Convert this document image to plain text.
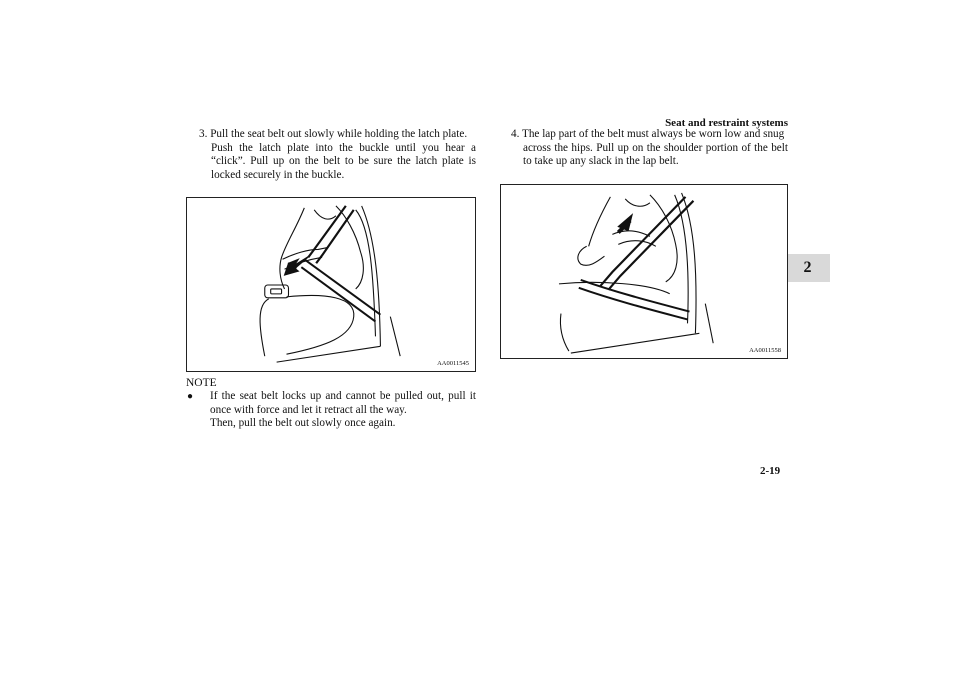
Seat and restraint systems
2
3. Pull the seat belt out slowly while holding the latch plate.
Push the latch plate into the buckle until you hear a “click”. Pull up on the belt to be sure the latch plate is locked securely in the buckle.
AA0011545
NOTE
● If the seat belt locks up and cannot be pulled out, pull it once with force and let it retract all the way.
Then, pull the belt out slowly once again.
4. The lap part of the belt must always be worn low and snug
across the hips. Pull up on the shoulder portion of the belt to take up any slack in the lap belt.
AA0011558
2-19
